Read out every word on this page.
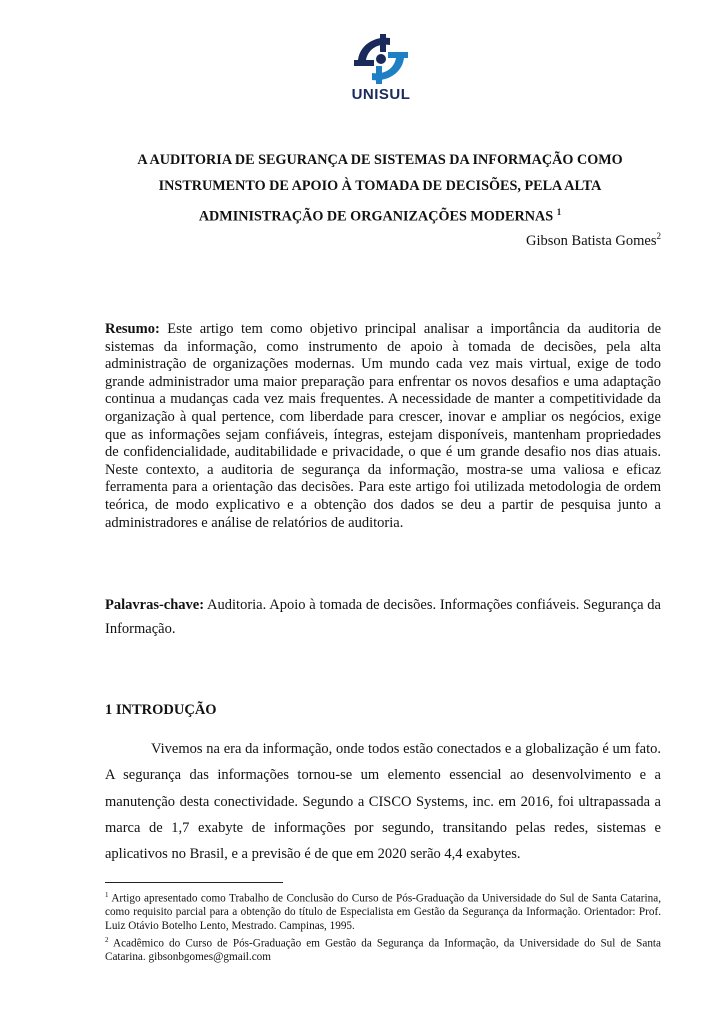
UNISUL
A AUDITORIA DE SEGURANÇA DE SISTEMAS DA INFORMAÇÃO COMO
INSTRUMENTO DE APOIO À TOMADA DE DECISÕES, PELA ALTA
ADMINISTRAÇÃO DE ORGANIZAÇÕES MODERNAS $^1$
Gibson Batista Gomes$^2$
Resumo: Este artigo tem como objetivo principal analisar a importância da auditoria de sistemas da informação, como instrumento de apoio à tomada de decisões, pela alta administração de organizações modernas. Um mundo cada vez mais virtual, exige de todo grande administrador uma maior preparação para enfrentar os novos desafios e uma adaptação continua a mudanças cada vez mais frequentes. A necessidade de manter a competitividade da organização à qual pertence, com liberdade para crescer, inovar e ampliar os negócios, exige que as informações sejam confiáveis, íntegras, estejam disponíveis, mantenham propriedades de confidencialidade, auditabilidade e privacidade, o que é um grande desafio nos dias atuais. Neste contexto, a auditoria de segurança da informação, mostra-se uma valiosa e eficaz ferramenta para a orientação das decisões. Para este artigo foi utilizada metodologia de ordem teórica, de modo explicativo e a obtenção dos dados se deu a partir de pesquisa junto a administradores e análise de relatórios de auditoria.
Palavras-chave: Auditoria. Apoio à tomada de decisões. Informações confiáveis. Segurança da Informação.
1 INTRODUÇÃO

Vivemos na era da informação, onde todos estão conectados e a globalização é um fato. A segurança das informações tornou-se um elemento essencial ao desenvolvimento e a manutenção desta conectividade. Segundo a CISCO Systems, inc. em 2016, foi ultrapassada a marca de 1,7 exabyte de informações por segundo, transitando pelas redes, sistemas e aplicativos no Brasil, e a previsão é de que em 2020 serão 4,4 exabytes.

$^1$ Artigo apresentado como Trabalho de Conclusão do Curso de Pós-Graduação da Universidade do Sul de Santa Catarina, como requisito parcial para a obtenção do título de Especialista em Gestão da Segurança da Informação. Orientador: Prof. Luiz Otávio Botelho Lento, Mestrado. Campinas, 1995.

$^2$ Acadêmico do Curso de Pós-Graduação em Gestão da Segurança da Informação, da Universidade do Sul de Santa Catarina. gibsonbgomes@gmail.com
